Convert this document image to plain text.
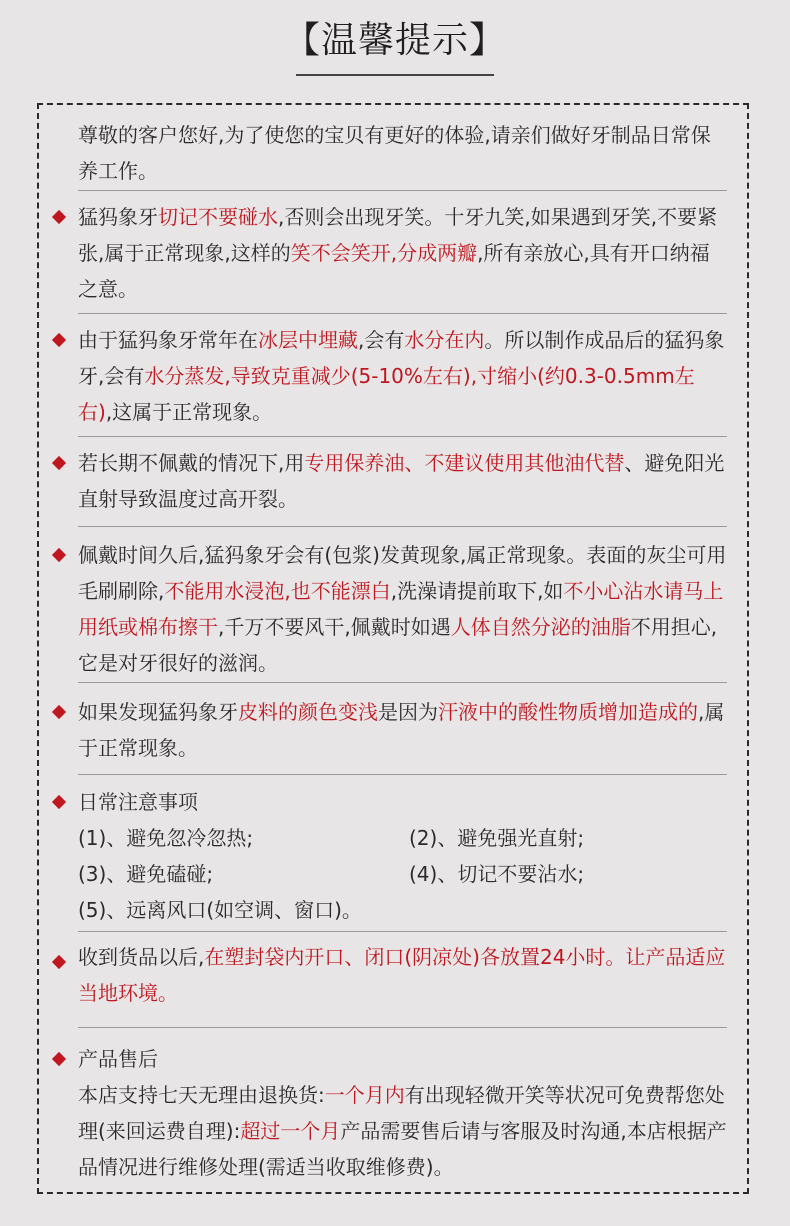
【温馨提示】
尊敬的客户您好,为了使您的宝贝有更好的体验,请亲们做好牙制品日常保养工作。
猛犸象牙切记不要碰水,否则会出现牙笑。十牙九笑,如果遇到牙笑,不要紧张,属于正常现象,这样的笑不会笑开,分成两瓣,所有亲放心,具有开口纳福之意。
由于猛犸象牙常年在冰层中埋藏,会有水分在内。所以制作成品后的猛犸象牙,会有水分蒸发,导致克重减少(5-10%左右),寸缩小(约0.3-0.5mm左右),这属于正常现象。
若长期不佩戴的情况下,用专用保养油、不建议使用其他油代替、避免阳光直射导致温度过高开裂。
佩戴时间久后,猛犸象牙会有(包浆)发黄现象,属正常现象。表面的灰尘可用毛刷刷除,不能用水浸泡,也不能漂白,洗澡请提前取下,如不小心沾水请马上用纸或棉布擦干,千万不要风干,佩戴时如遇人体自然分泌的油脂不用担心,它是对牙很好的滋润。
如果发现猛犸象牙皮料的颜色变浅是因为汗液中的酸性物质增加造成的,属于正常现象。
日常注意事项
(1)、避免忽冷忽热;	(2)、避免强光直射;
(3)、避免磕碰;	(4)、切记不要沾水;
(5)、远离风口(如空调、窗口)。
收到货品以后,在塑封袋内开口、闭口(阴凉处)各放置24小时。让产品适应当地环境。
产品售后
本店支持七天无理由退换货:一个月内有出现轻微开笑等状况可免费帮您处理(来回运费自理):超过一个月产品需要售后请与客服及时沟通,本店根据产品情况进行维修处理(需适当收取维修费)。
